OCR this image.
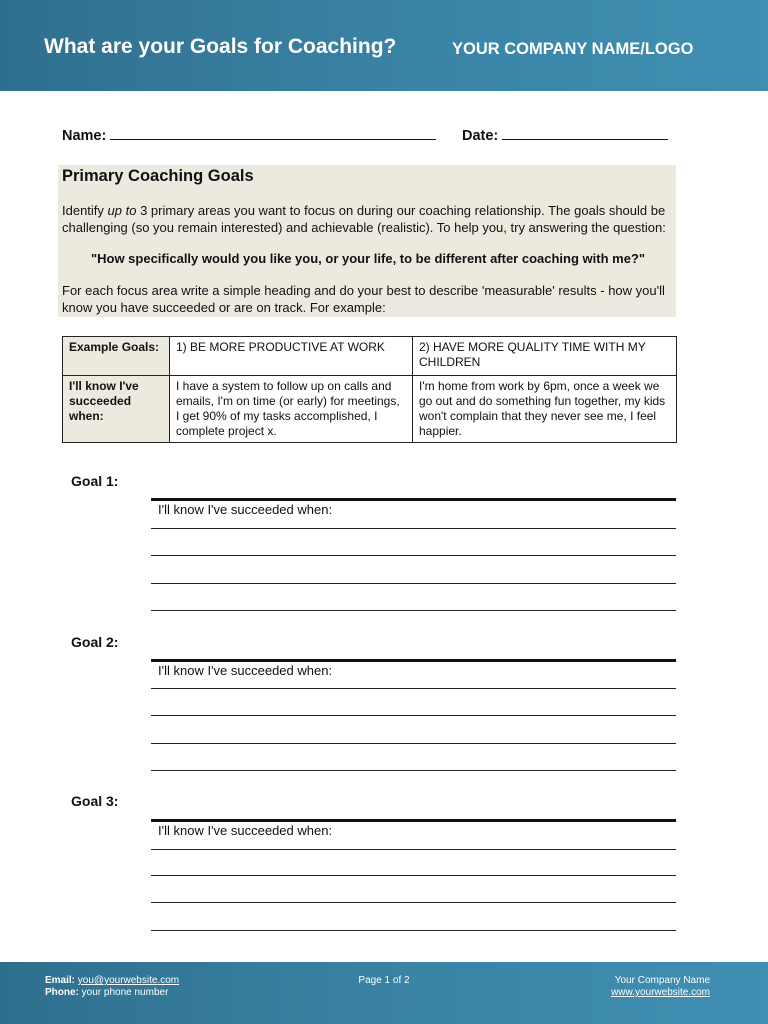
What are your Goals for Coaching?	YOUR COMPANY NAME/LOGO
Name:	Date:
Primary Coaching Goals
Identify up to 3 primary areas you want to focus on during our coaching relationship. The goals should be challenging (so you remain interested) and achievable (realistic). To help you, try answering the question:
"How specifically would you like you, or your life, to be different after coaching with me?"
For each focus area write a simple heading and do your best to describe 'measurable' results - how you'll know you have succeeded or are on track. For example:
Example Goals:	1) BE MORE PRODUCTIVE AT WORK	2) HAVE MORE QUALITY TIME WITH MY CHILDREN
I'll know I've succeeded when:	I have a system to follow up on calls and emails, I'm on time (or early) for meetings, I get 90% of my tasks accomplished, I complete project x.	I'm home from work by 6pm, once a week we go out and do something fun together, my kids won't complain that they never see me, I feel happier.
Goal 1:
I'll know I've succeeded when:
Goal 2:
I'll know I've succeeded when:
Goal 3:
I'll know I've succeeded when:
Email: you@yourwebsite.com
Phone: your phone number
Page 1 of 2	Your Company Name
www.yourwebsite.com
